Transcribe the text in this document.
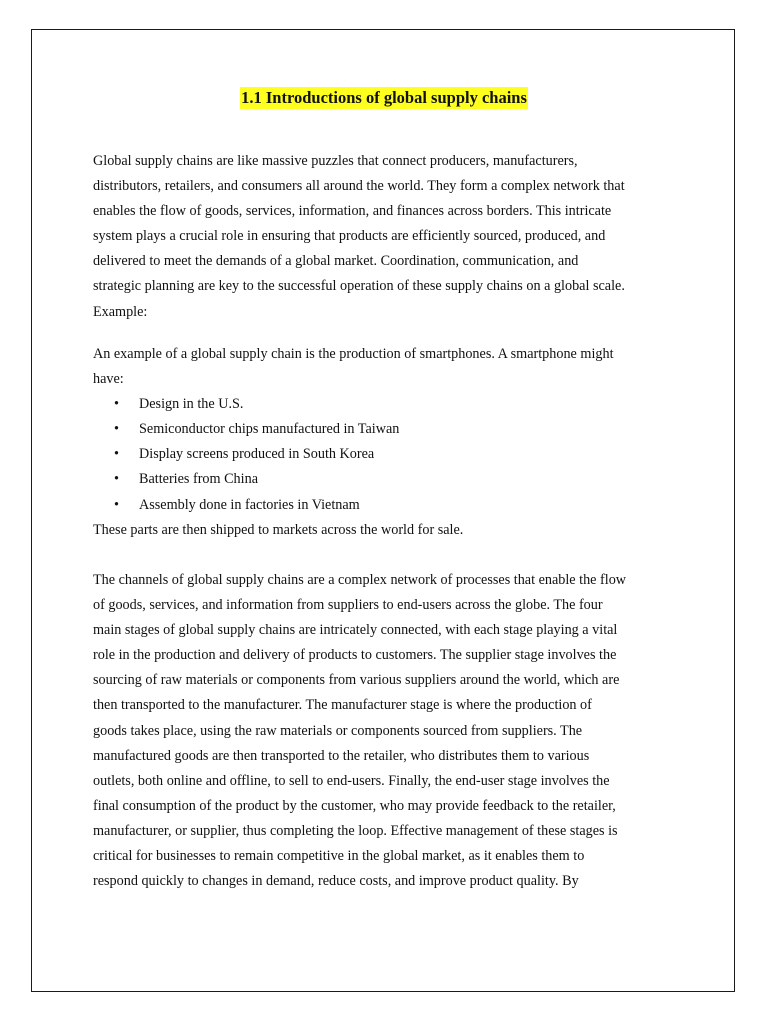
1.1 Introductions of global supply chains
Global supply chains are like massive puzzles that connect producers, manufacturers,
distributors, retailers, and consumers all around the world. They form a complex network that
enables the flow of goods, services, information, and finances across borders. This intricate
system plays a crucial role in ensuring that products are efficiently sourced, produced, and
delivered to meet the demands of a global market. Coordination, communication, and
strategic planning are key to the successful operation of these supply chains on a global scale.
Example:
An example of a global supply chain is the production of smartphones. A smartphone might
have:
• Design in the U.S.
• Semiconductor chips manufactured in Taiwan
• Display screens produced in South Korea
• Batteries from China
• Assembly done in factories in Vietnam
These parts are then shipped to markets across the world for sale.
The channels of global supply chains are a complex network of processes that enable the flow
of goods, services, and information from suppliers to end-users across the globe. The four
main stages of global supply chains are intricately connected, with each stage playing a vital
role in the production and delivery of products to customers. The supplier stage involves the
sourcing of raw materials or components from various suppliers around the world, which are
then transported to the manufacturer. The manufacturer stage is where the production of
goods takes place, using the raw materials or components sourced from suppliers. The
manufactured goods are then transported to the retailer, who distributes them to various
outlets, both online and offline, to sell to end-users. Finally, the end-user stage involves the
final consumption of the product by the customer, who may provide feedback to the retailer,
manufacturer, or supplier, thus completing the loop. Effective management of these stages is
critical for businesses to remain competitive in the global market, as it enables them to
respond quickly to changes in demand, reduce costs, and improve product quality. By
